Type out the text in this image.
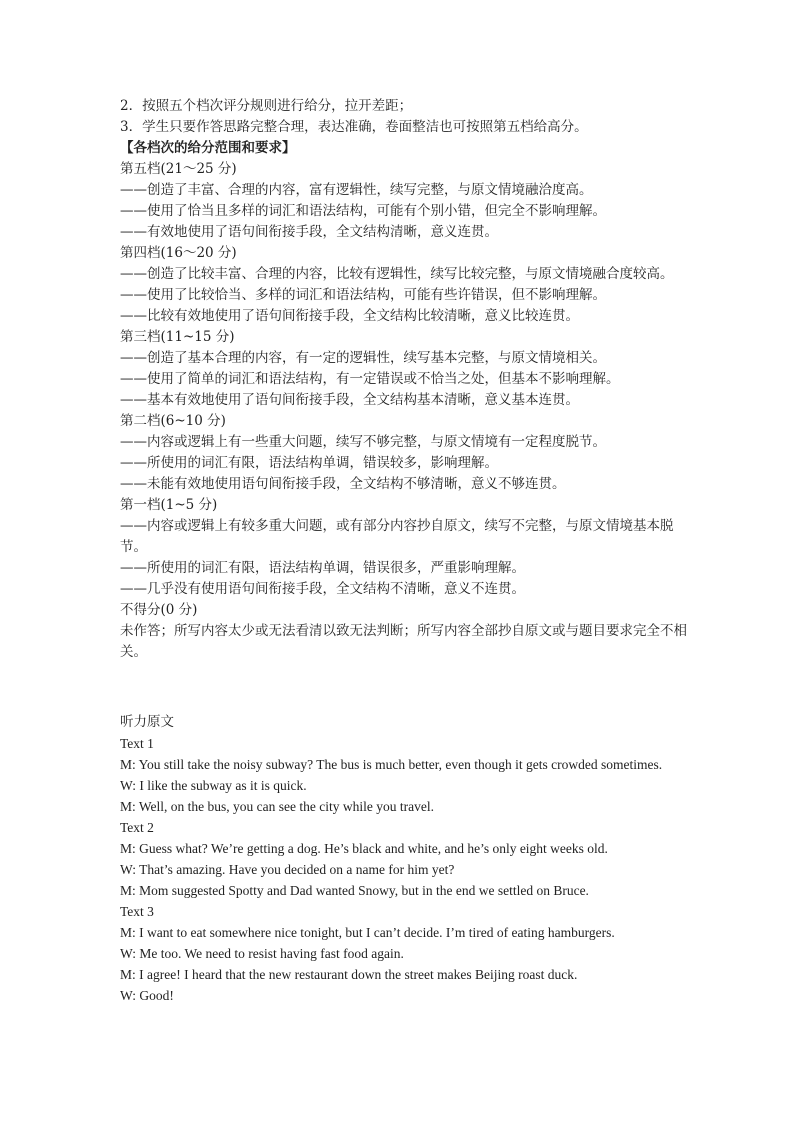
2．按照五个档次评分规则进行给分，拉开差距；
3．学生只要作答思路完整合理，表达准确，卷面整洁也可按照第五档给高分。
【各档次的给分范围和要求】
第五档(21～25 分)
——创造了丰富、合理的内容，富有逻辑性，续写完整，与原文情境融洽度高。
——使用了恰当且多样的词汇和语法结构，可能有个别小错，但完全不影响理解。
——有效地使用了语句间衔接手段，全文结构清晰，意义连贯。
第四档(16～20 分)
——创造了比较丰富、合理的内容，比较有逻辑性，续写比较完整，与原文情境融合度较高。
——使用了比较恰当、多样的词汇和语法结构，可能有些许错误，但不影响理解。
——比较有效地使用了语句间衔接手段，全文结构比较清晰，意义比较连贯。
第三档(11~15 分)
——创造了基本合理的内容，有一定的逻辑性，续写基本完整，与原文情境相关。
——使用了简单的词汇和语法结构，有一定错误或不恰当之处，但基本不影响理解。
——基本有效地使用了语句间衔接手段，全文结构基本清晰，意义基本连贯。
第二档(6~10 分)
——内容或逻辑上有一些重大问题，续写不够完整，与原文情境有一定程度脱节。
——所使用的词汇有限，语法结构单调，错误较多，影响理解。
——未能有效地使用语句间衔接手段，全文结构不够清晰，意义不够连贯。
第一档(1~5 分)
——内容或逻辑上有较多重大问题，或有部分内容抄自原文，续写不完整，与原文情境基本脱节。
——所使用的词汇有限，语法结构单调，错误很多，严重影响理解。
——几乎没有使用语句间衔接手段，全文结构不清晰，意义不连贯。
不得分(0 分)
未作答；所写内容太少或无法看清以致无法判断；所写内容全部抄自原文或与题目要求完全不相关。
听力原文
Text 1
M: You still take the noisy subway? The bus is much better, even though it gets crowded sometimes.
W: I like the subway as it is quick.
M: Well, on the bus, you can see the city while you travel.
Text 2
M: Guess what? We’re getting a dog. He’s black and white, and he’s only eight weeks old.
W: That’s amazing. Have you decided on a name for him yet?
M: Mom suggested Spotty and Dad wanted Snowy, but in the end we settled on Bruce.
Text 3
M: I want to eat somewhere nice tonight, but I can’t decide. I’m tired of eating hamburgers.
W: Me too. We need to resist having fast food again.
M: I agree! I heard that the new restaurant down the street makes Beijing roast duck.
W: Good!
